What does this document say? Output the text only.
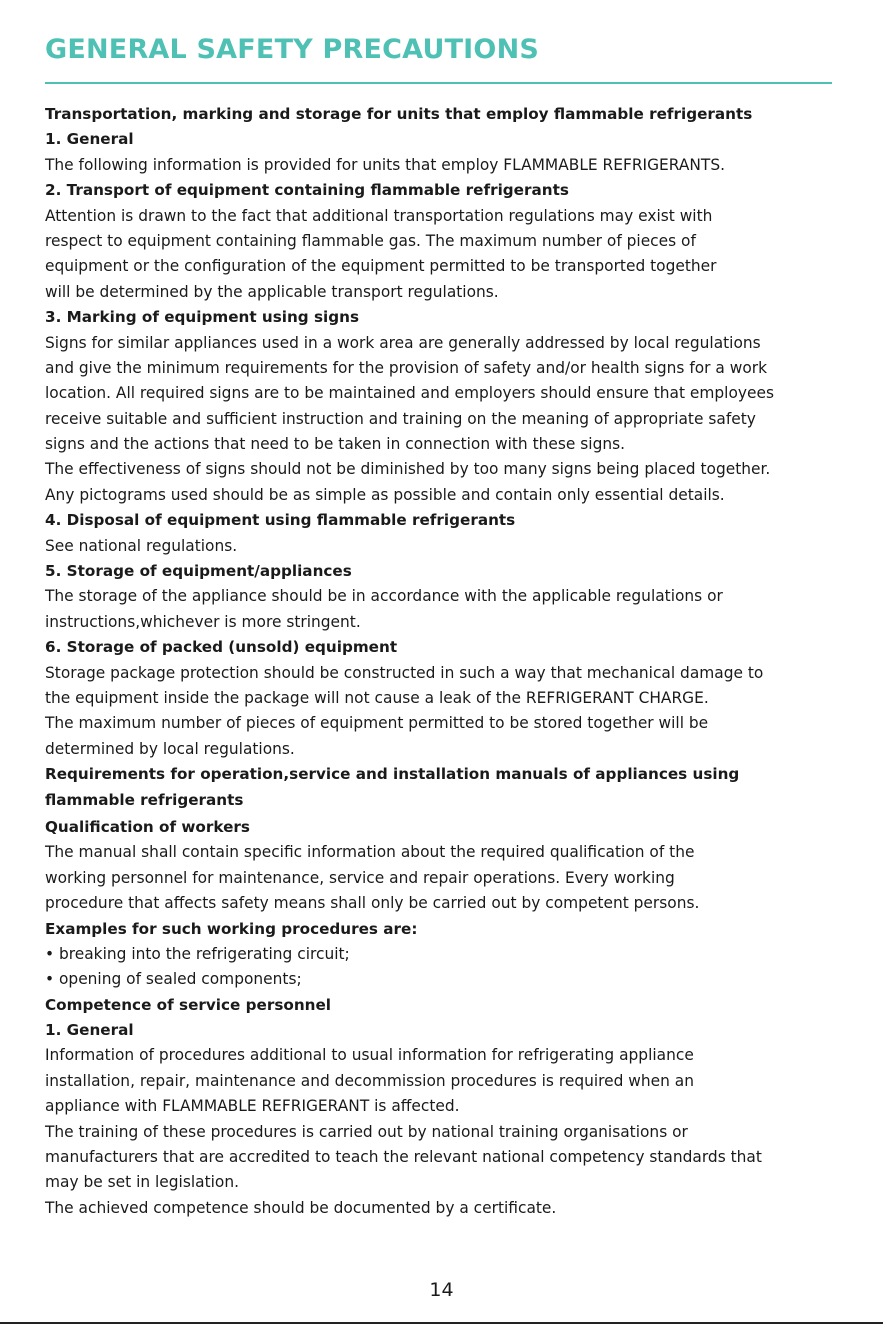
GENERAL SAFETY PRECAUTIONS
Transportation, marking and storage for units that employ flammable refrigerants
1. General
The following information is provided for units that employ FLAMMABLE REFRIGERANTS.
2. Transport of equipment containing flammable refrigerants
Attention is drawn to the fact that additional transportation regulations may exist with
respect to equipment containing flammable gas. The maximum number of pieces of
equipment or the configuration of the equipment permitted to be transported together
will be determined by the applicable transport regulations.
3. Marking of equipment using signs
Signs for similar appliances used in a work area are generally addressed by local regulations
and give the minimum requirements for the provision of safety and/or health signs for a work
location. All required signs are to be maintained and employers should ensure that employees
receive suitable and sufficient instruction and training on the meaning of appropriate safety
signs and the actions that need to be taken in connection with these signs.
The effectiveness of signs should not be diminished by too many signs being placed together.
Any pictograms used should be as simple as possible and contain only essential details.
4. Disposal of equipment using flammable refrigerants
See national regulations.
5. Storage of equipment/appliances
The storage of the appliance should be in accordance with the applicable regulations or
instructions,whichever is more stringent.
6. Storage of packed (unsold) equipment
Storage package protection should be constructed in such a way that mechanical damage to
the equipment inside the package will not cause a leak of the REFRIGERANT CHARGE.
The maximum number of pieces of equipment permitted to be stored together will be
determined by local regulations.
Requirements for operation,service and installation manuals of appliances using
flammable refrigerants
Qualification of workers
The manual shall contain specific information about the required qualification of the
working personnel for maintenance, service and repair operations. Every working
procedure that affects safety means shall only be carried out by competent persons.
Examples for such working procedures are:
• breaking into the refrigerating circuit;
• opening of sealed components;
Competence of service personnel
1. General
Information of procedures additional to usual information for refrigerating appliance
installation, repair, maintenance and decommission procedures is required when an
appliance with FLAMMABLE REFRIGERANT is affected.
The training of these procedures is carried out by national training organisations or
manufacturers that are accredited to teach the relevant national competency standards that
may be set in legislation.
The achieved competence should be documented by a certificate.
14
